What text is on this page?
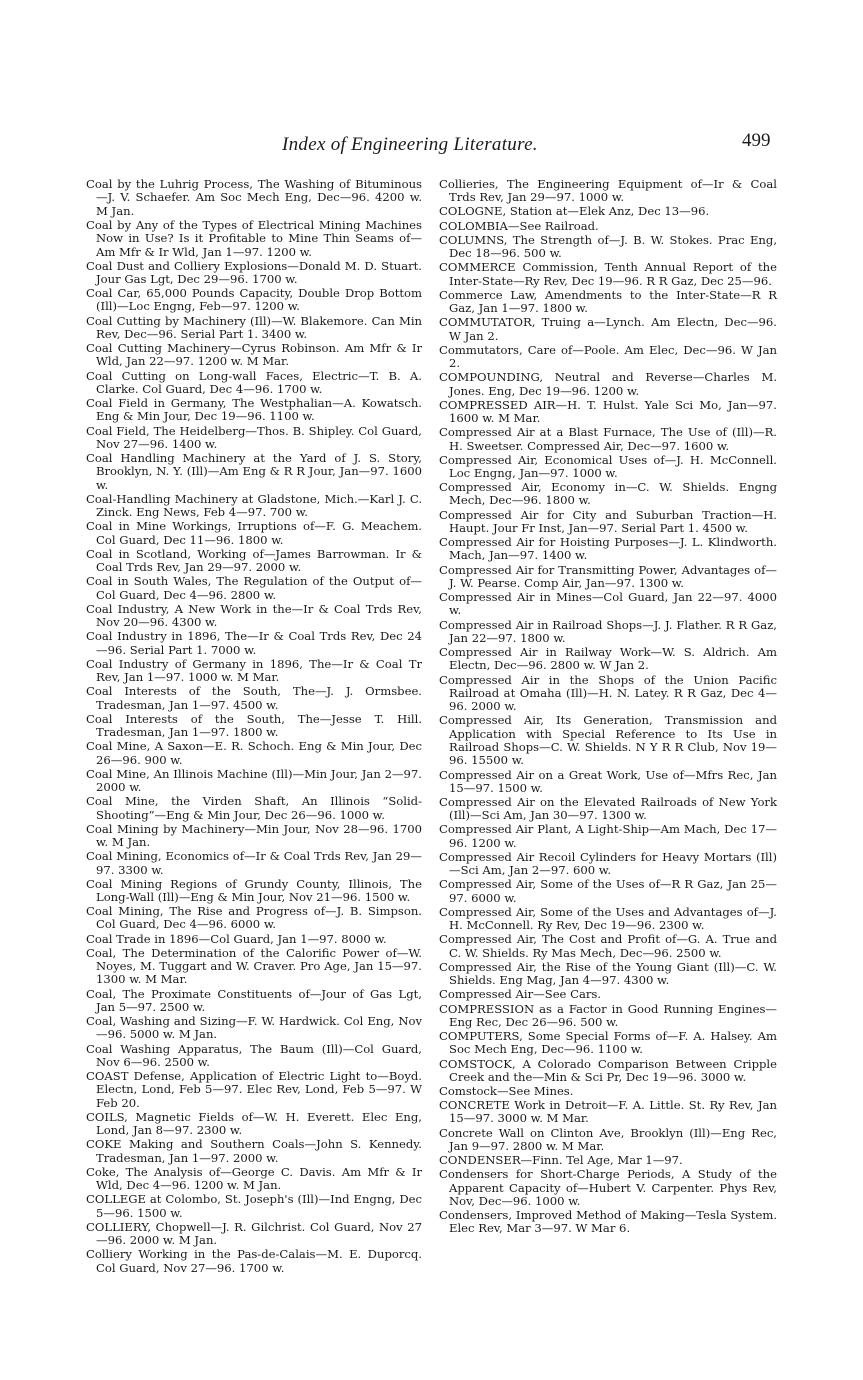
Index of Engineering Literature.	499

Coal by the Luhrig Process, The Washing of Bituminous—J. V. Schaefer. Am Soc Mech Eng, Dec—96. 4200 w. M Jan.

Coal by Any of the Types of Electrical Mining Machines Now in Use? Is it Profitable to Mine Thin Seams of—Am Mfr & Ir Wld, Jan 1—97. 1200 w.

Coal Dust and Colliery Explosions—Donald M. D. Stuart. Jour Gas Lgt, Dec 29—96. 1700 w.

Coal Car, 65,000 Pounds Capacity, Double Drop Bottom (Ill)—Loc Engng, Feb—97. 1200 w.

Coal Cutting by Machinery (Ill)—W. Blakemore. Can Min Rev, Dec—96. Serial Part 1. 3400 w.

Coal Cutting Machinery—Cyrus Robinson. Am Mfr & Ir Wld, Jan 22—97. 1200 w. M Mar.

Coal Cutting on Long-wall Faces, Electric—T. B. A. Clarke. Col Guard, Dec 4—96. 1700 w.

Coal Field in Germany, The Westphalian—A. Kowatsch. Eng & Min Jour, Dec 19—96. 1100 w.

Coal Field, The Heidelberg—Thos. B. Shipley. Col Guard, Nov 27—96. 1400 w.

Coal Handling Machinery at the Yard of J. S. Story, Brooklyn, N. Y. (Ill)—Am Eng & R R Jour, Jan—97. 1600 w.

Coal-Handling Machinery at Gladstone, Mich.—Karl J. C. Zinck. Eng News, Feb 4—97. 700 w.

Coal in Mine Workings, Irruptions of—F. G. Meachem. Col Guard, Dec 11—96. 1800 w.

Coal in Scotland, Working of—James Barrowman. Ir & Coal Trds Rev, Jan 29—97. 2000 w.

Coal in South Wales, The Regulation of the Output of—Col Guard, Dec 4—96. 2800 w.

Coal Industry, A New Work in the—Ir & Coal Trds Rev, Nov 20—96. 4300 w.

Coal Industry in 1896, The—Ir & Coal Trds Rev, Dec 24—96. Serial Part 1. 7000 w.

Coal Industry of Germany in 1896, The—Ir & Coal Tr Rev, Jan 1—97. 1000 w. M Mar.

Coal Interests of the South, The—J. J. Ormsbee. Tradesman, Jan 1—97. 4500 w.

Coal Interests of the South, The—Jesse T. Hill. Tradesman, Jan 1—97. 1800 w.

Coal Mine, A Saxon—E. R. Schoch. Eng & Min Jour, Dec 26—96. 900 w.

Coal Mine, An Illinois Machine (Ill)—Min Jour, Jan 2—97. 2000 w.

Coal Mine, the Virden Shaft, An Illinois “Solid-Shooting”—Eng & Min Jour, Dec 26—96. 1000 w.

Coal Mining by Machinery—Min Jour, Nov 28—96. 1700 w. M Jan.

Coal Mining, Economics of—Ir & Coal Trds Rev, Jan 29—97. 3300 w.

Coal Mining Regions of Grundy County, Illinois, The Long-Wall (Ill)—Eng & Min Jour, Nov 21—96. 1500 w.

Coal Mining, The Rise and Progress of—J. B. Simpson. Col Guard, Dec 4—96. 6000 w.

Coal Trade in 1896—Col Guard, Jan 1—97. 8000 w.

Coal, The Determination of the Calorific Power of—W. Noyes, M. Tuggart and W. Craver. Pro Age, Jan 15—97. 1300 w. M Mar.

Coal, The Proximate Constituents of—Jour of Gas Lgt, Jan 5—97. 2500 w.

Coal, Washing and Sizing—F. W. Hardwick. Col Eng, Nov—96. 5000 w. M Jan.

Coal Washing Apparatus, The Baum (Ill)—Col Guard, Nov 6—96. 2500 w.

COAST Defense, Application of Electric Light to—Boyd. Electn, Lond, Feb 5—97. Elec Rev, Lond, Feb 5—97. W Feb 20.

COILS, Magnetic Fields of—W. H. Everett. Elec Eng, Lond, Jan 8—97. 2300 w.

COKE Making and Southern Coals—John S. Kennedy. Tradesman, Jan 1—97. 2000 w.

Coke, The Analysis of—George C. Davis. Am Mfr & Ir Wld, Dec 4—96. 1200 w. M Jan.

COLLEGE at Colombo, St. Joseph's (Ill)—Ind Engng, Dec 5—96. 1500 w.

COLLIERY, Chopwell—J. R. Gilchrist. Col Guard, Nov 27—96. 2000 w. M Jan.

Colliery Working in the Pas-de-Calais—M. E. Duporcq. Col Guard, Nov 27—96. 1700 w.

Collieries, The Engineering Equipment of—Ir & Coal Trds Rev, Jan 29—97. 1000 w.

COLOGNE, Station at—Elek Anz, Dec 13—96.

COLOMBIA—See Railroad.

COLUMNS, The Strength of—J. B. W. Stokes. Prac Eng, Dec 18—96. 500 w.

COMMERCE Commission, Tenth Annual Report of the Inter-State—Ry Rev, Dec 19—96. R R Gaz, Dec 25—96.

Commerce Law, Amendments to the Inter-State—R R Gaz, Jan 1—97. 1800 w.

COMMUTATOR, Truing a—Lynch. Am Electn, Dec—96. W Jan 2.

Commutators, Care of—Poole. Am Elec, Dec—96. W Jan 2.

COMPOUNDING, Neutral and Reverse—Charles M. Jones. Eng, Dec 19—96. 1200 w.

COMPRESSED AIR—H. T. Hulst. Yale Sci Mo, Jan—97. 1600 w. M Mar.

Compressed Air at a Blast Furnace, The Use of (Ill)—R. H. Sweetser. Compressed Air, Dec—97. 1600 w.

Compressed Air, Economical Uses of—J. H. McConnell. Loc Engng, Jan—97. 1000 w.

Compressed Air, Economy in—C. W. Shields. Engng Mech, Dec—96. 1800 w.

Compressed Air for City and Suburban Traction—H. Haupt. Jour Fr Inst, Jan—97. Serial Part 1. 4500 w.

Compressed Air for Hoisting Purposes—J. L. Klindworth. Mach, Jan—97. 1400 w.

Compressed Air for Transmitting Power, Advantages of—J. W. Pearse. Comp Air, Jan—97. 1300 w.

Compressed Air in Mines—Col Guard, Jan 22—97. 4000 w.

Compressed Air in Railroad Shops—J. J. Flather. R R Gaz, Jan 22—97. 1800 w.

Compressed Air in Railway Work—W. S. Aldrich. Am Electn, Dec—96. 2800 w. W Jan 2.

Compressed Air in the Shops of the Union Pacific Railroad at Omaha (Ill)—H. N. Latey. R R Gaz, Dec 4—96. 2000 w.

Compressed Air, Its Generation, Transmission and Application with Special Reference to Its Use in Railroad Shops—C. W. Shields. N Y R R Club, Nov 19—96. 15500 w.

Compressed Air on a Great Work, Use of—Mfrs Rec, Jan 15—97. 1500 w.

Compressed Air on the Elevated Railroads of New York (Ill)—Sci Am, Jan 30—97. 1300 w.

Compressed Air Plant, A Light-Ship—Am Mach, Dec 17—96. 1200 w.

Compressed Air Recoil Cylinders for Heavy Mortars (Ill)—Sci Am, Jan 2—97. 600 w.

Compressed Air, Some of the Uses of—R R Gaz, Jan 25—97. 6000 w.

Compressed Air, Some of the Uses and Advantages of—J. H. McConnell. Ry Rev, Dec 19—96. 2300 w.

Compressed Air, The Cost and Profit of—G. A. True and C. W. Shields. Ry Mas Mech, Dec—96. 2500 w.

Compressed Air, the Rise of the Young Giant (Ill)—C. W. Shields. Eng Mag, Jan 4—97. 4300 w.

Compressed Air—See Cars.

COMPRESSION as a Factor in Good Running Engines—Eng Rec, Dec 26—96. 500 w.

COMPUTERS, Some Special Forms of—F. A. Halsey. Am Soc Mech Eng, Dec—96. 1100 w.

COMSTOCK, A Colorado Comparison Between Cripple Creek and the—Min & Sci Pr, Dec 19—96. 3000 w.

Comstock—See Mines.

CONCRETE Work in Detroit—F. A. Little. St. Ry Rev, Jan 15—97. 3000 w. M Mar.

Concrete Wall on Clinton Ave, Brooklyn (Ill)—Eng Rec, Jan 9—97. 2800 w. M Mar.

CONDENSER—Finn. Tel Age, Mar 1—97.

Condensers for Short-Charge Periods, A Study of the Apparent Capacity of—Hubert V. Carpenter. Phys Rev, Nov, Dec—96. 1000 w.

Condensers, Improved Method of Making—Tesla System. Elec Rev, Mar 3—97. W Mar 6.
